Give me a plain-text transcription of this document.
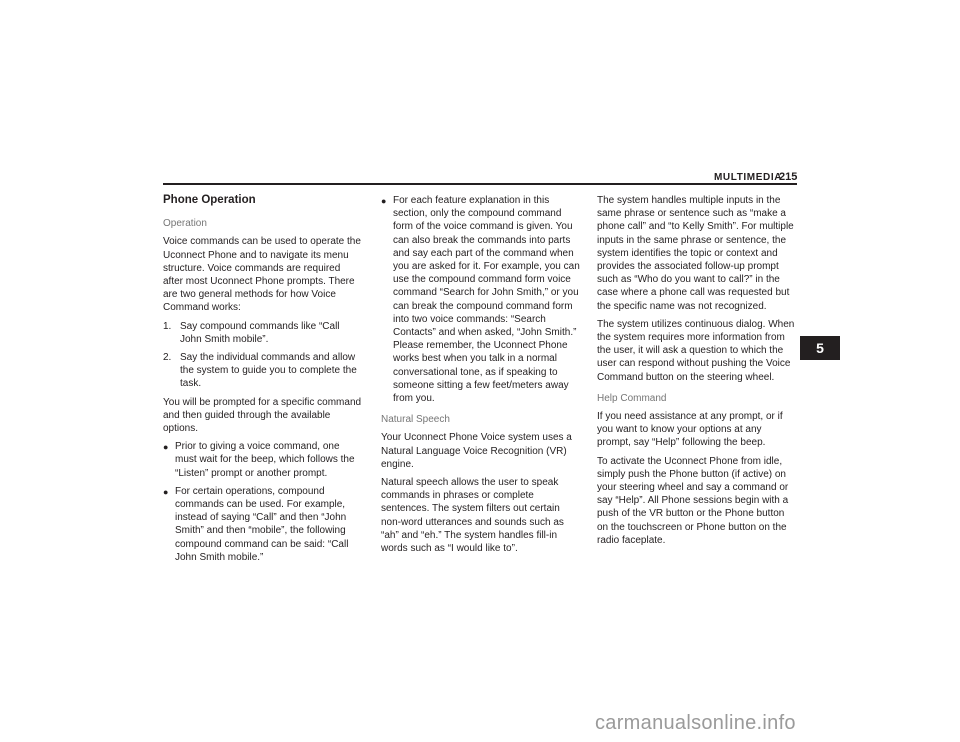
MULTIMEDIA
215
5
Phone Operation
Operation

Voice commands can be used to operate the Uconnect Phone and to navigate its menu structure. Voice commands are required after most Uconnect Phone prompts. There are two general methods for how Voice Command works:

1. Say compound commands like “Call John Smith mobile”.
2. Say the individual commands and allow the system to guide you to complete the task.

You will be prompted for a specific command and then guided through the available options.

● Prior to giving a voice command, one must wait for the beep, which follows the “Listen” prompt or another prompt.
● For certain operations, compound commands can be used. For example, instead of saying “Call” and then “John Smith” and then “mobile”, the following compound command can be said: “Call John Smith mobile.”
● For each feature explanation in this section, only the compound command form of the voice command is given. You can also break the commands into parts and say each part of the command when you are asked for it. For example, you can use the compound command form voice command “Search for John Smith,” or you can break the compound command form into two voice commands: “Search Contacts” and when asked, “John Smith.” Please remember, the Uconnect Phone works best when you talk in a normal conversational tone, as if speaking to someone sitting a few feet/meters away from you.
Natural Speech

Your Uconnect Phone Voice system uses a Natural Language Voice Recognition (VR) engine.

Natural speech allows the user to speak commands in phrases or complete sentences. The system filters out certain non-word utterances and sounds such as “ah” and “eh.” The system handles fill-in words such as “I would like to”.

The system handles multiple inputs in the same phrase or sentence such as “make a phone call” and “to Kelly Smith”. For multiple inputs in the same phrase or sentence, the system identifies the topic or context and provides the associated follow-up prompt such as “Who do you want to call?” in the case where a phone call was requested but the specific name was not recognized.

The system utilizes continuous dialog. When the system requires more information from the user, it will ask a question to which the user can respond without pushing the Voice Command button on the steering wheel.

Help Command

If you need assistance at any prompt, or if you want to know your options at any prompt, say “Help” following the beep.

To activate the Uconnect Phone from idle, simply push the Phone button (if active) on your steering wheel and say a command or say “Help”. All Phone sessions begin with a push of the VR button or the Phone button on the touchscreen or Phone button on the radio faceplate.

carmanualsonline.info
